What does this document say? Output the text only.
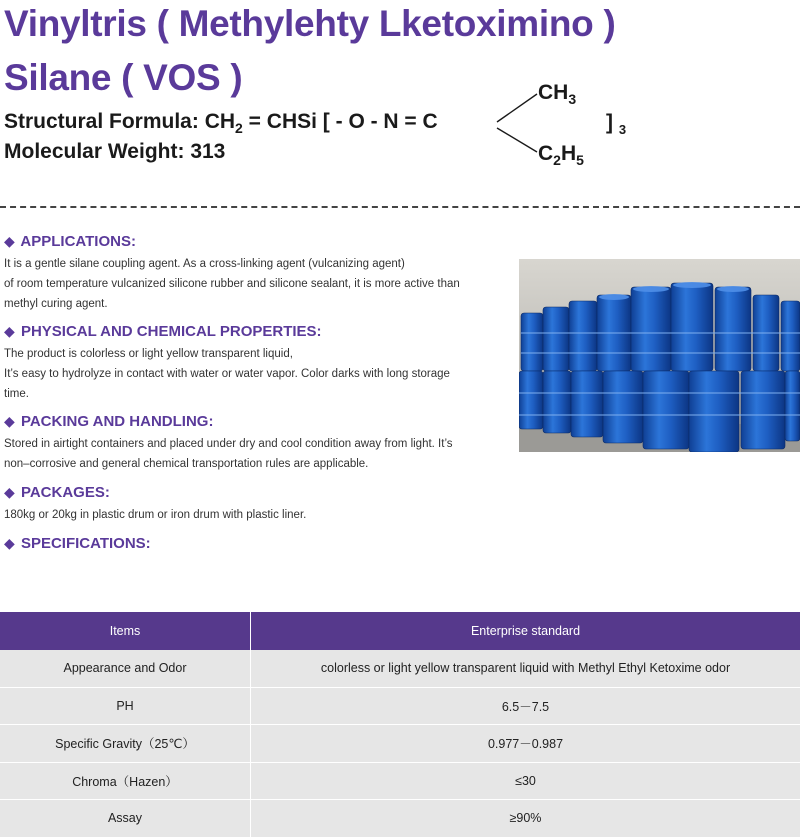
Vinyltris ( Methylehty Lketoximino )
Silane ( VOS )
Structural Formula: $CH_2$ = CHSi [ - O - N = C
$CH_3$
$C_2H_5$
] $_3$
Molecular Weight: 313
◆ APPLICATIONS:
It is a gentle silane coupling agent. As a cross-linking agent (vulcanizing agent)
of room temperature vulcanized silicone rubber and silicone sealant, it is more active than
methyl curing agent.
◆ PHYSICAL AND CHEMICAL PROPERTIES:
The product is colorless or light yellow transparent liquid,
It’s easy to hydrolyze in contact with water or water vapor. Color darks with long storage
time.
◆ PACKING AND HANDLING:
Stored in airtight containers and placed under dry and cool condition away from light. It’s
non–corrosive and general chemical transportation rules are applicable.
◆ PACKAGES:
180kg or 20kg in plastic drum or iron drum with plastic liner.
◆ SPECIFICATIONS:
Items	Enterprise standard
Appearance and Odor	colorless or light yellow transparent liquid with Methyl Ethyl Ketoxime odor
PH	6.5－7.5
Specific Gravity（25℃）	0.977－0.987
Chroma（Hazen）	≤30
Assay	≥90%
